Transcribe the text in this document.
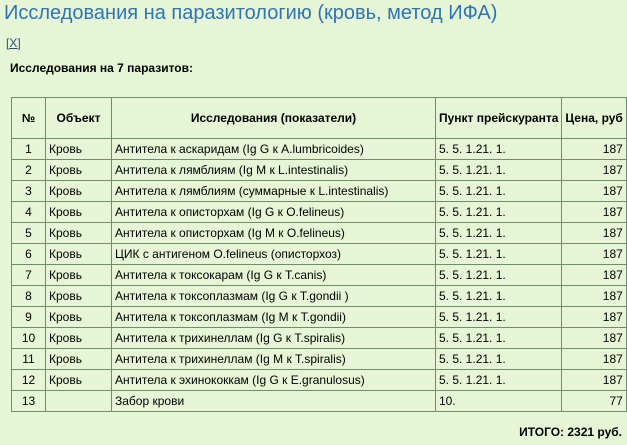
Исследования на паразитологию (кровь, метод ИФА)
[X]
Исследования на 7 паразитов:
№	Объект	Исследования (показатели)	Пункт прейскуранта	Цена, руб
1	Кровь	Антитела к аскаридам (Ig G к A.lumbricoides)	5. 5. 1.21. 1.	187
2	Кровь	Антитела к лямблиям (Ig M к L.intestinalis)	5. 5. 1.21. 1.	187
3	Кровь	Антитела к лямблиям (суммарные к L.intestinalis)	5. 5. 1.21. 1.	187
4	Кровь	Антитела к описторхам (Ig G к O.felineus)	5. 5. 1.21. 1.	187
5	Кровь	Антитела к описторхам (Ig M к O.felineus)	5. 5. 1.21. 1.	187
6	Кровь	ЦИК с антигеном O.felineus (описторхоз)	5. 5. 1.21. 1.	187
7	Кровь	Антитела к токсокарам (Ig G к T.canis)	5. 5. 1.21. 1.	187
8	Кровь	Антитела к токсоплазмам (Ig G к T.gondii )	5. 5. 1.21. 1.	187
9	Кровь	Антитела к токсоплазмам (Ig M к T.gondii)	5. 5. 1.21. 1.	187
10	Кровь	Антитела к трихинеллам (Ig G к T.spiralis)	5. 5. 1.21. 1.	187
11	Кровь	Антитела к трихинеллам (Ig M к T.spiralis)	5. 5. 1.21. 1.	187
12	Кровь	Антитела к эхинококкам (Ig G к E.granulosus)	5. 5. 1.21. 1.	187
13		Забор крови	10.	77
ИТОГО: 2321 руб.
